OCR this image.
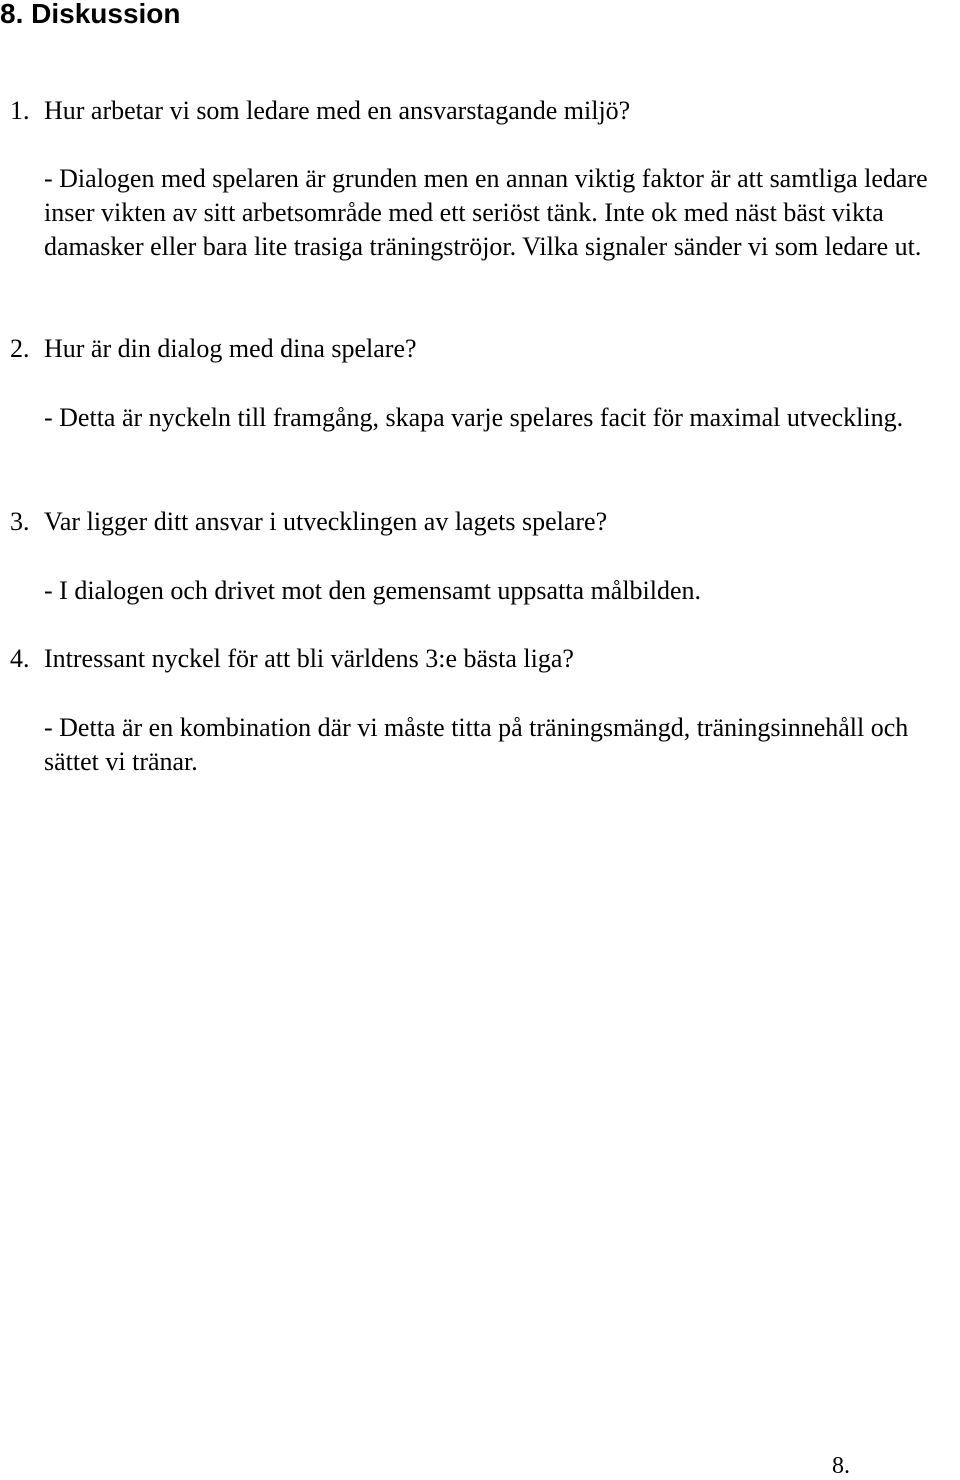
8. Diskussion

1. Hur arbetar vi som ledare med en ansvarstagande miljö?

- Dialogen med spelaren är grunden men en annan viktig faktor är att samtliga ledare inser vikten av sitt arbetsområde med ett seriöst tänk. Inte ok med näst bäst vikta damasker eller bara lite trasiga träningströjor. Vilka signaler sänder vi som ledare ut.

2. Hur är din dialog med dina spelare?

- Detta är nyckeln till framgång, skapa varje spelares facit för maximal utveckling.

3. Var ligger ditt ansvar i utvecklingen av lagets spelare?

- I dialogen och drivet mot den gemensamt uppsatta målbilden.

4. Intressant nyckel för att bli världens 3:e bästa liga?

- Detta är en kombination där vi måste titta på träningsmängd, träningsinnehåll och sättet vi tränar.

8.
